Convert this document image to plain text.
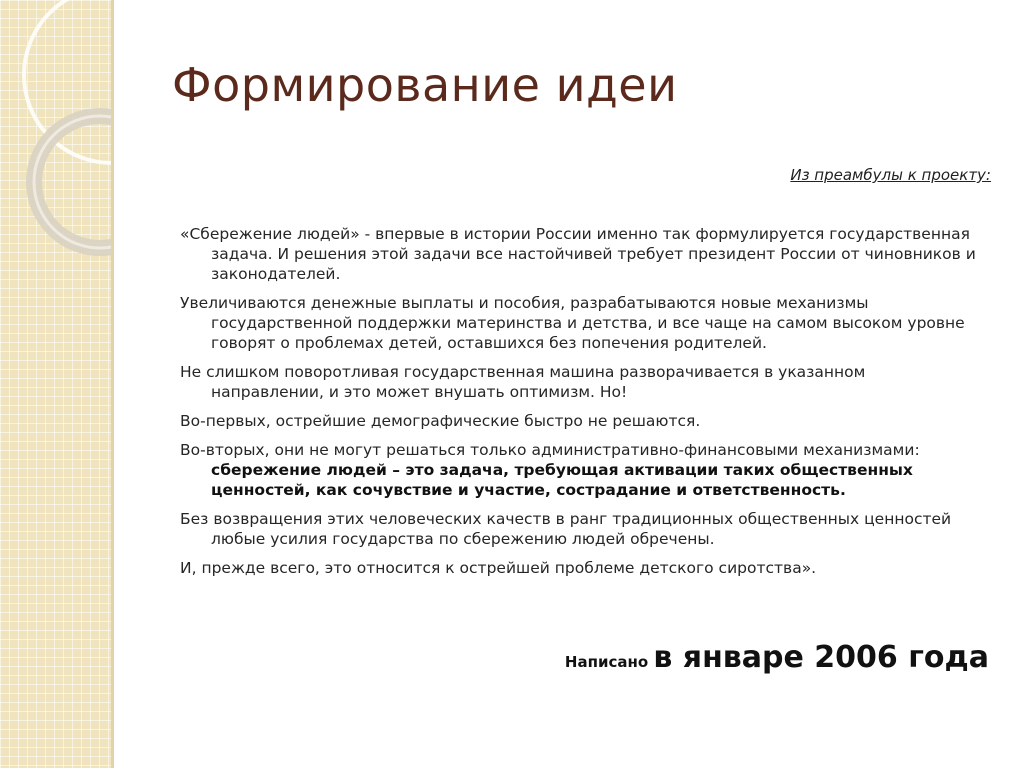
Формирование идеи
Из преамбулы к проекту:

«Сбережение людей» - впервые в истории России именно так формулируется государственная задача. И решения этой задачи все настойчивей требует президент России от чиновников и законодателей.

Увеличиваются денежные выплаты и пособия, разрабатываются новые механизмы государственной поддержки материнства и детства, и все чаще на самом высоком уровне говорят о проблемах детей, оставшихся без попечения родителей.

Не слишком поворотливая государственная машина разворачивается в указанном направлении, и это может внушать оптимизм. Но!

Во-первых, острейшие демографические быстро не решаются.

Во-вторых, они не могут решаться только административно-финансовыми механизмами: сбережение людей – это задача, требующая активации таких общественных ценностей, как сочувствие и участие, сострадание и ответственность.

Без возвращения этих человеческих качеств в ранг традиционных общественных ценностей любые усилия государства по сбережению людей обречены.

И, прежде всего, это относится к острейшей проблеме детского сиротства».

Написано в январе 2006 года
